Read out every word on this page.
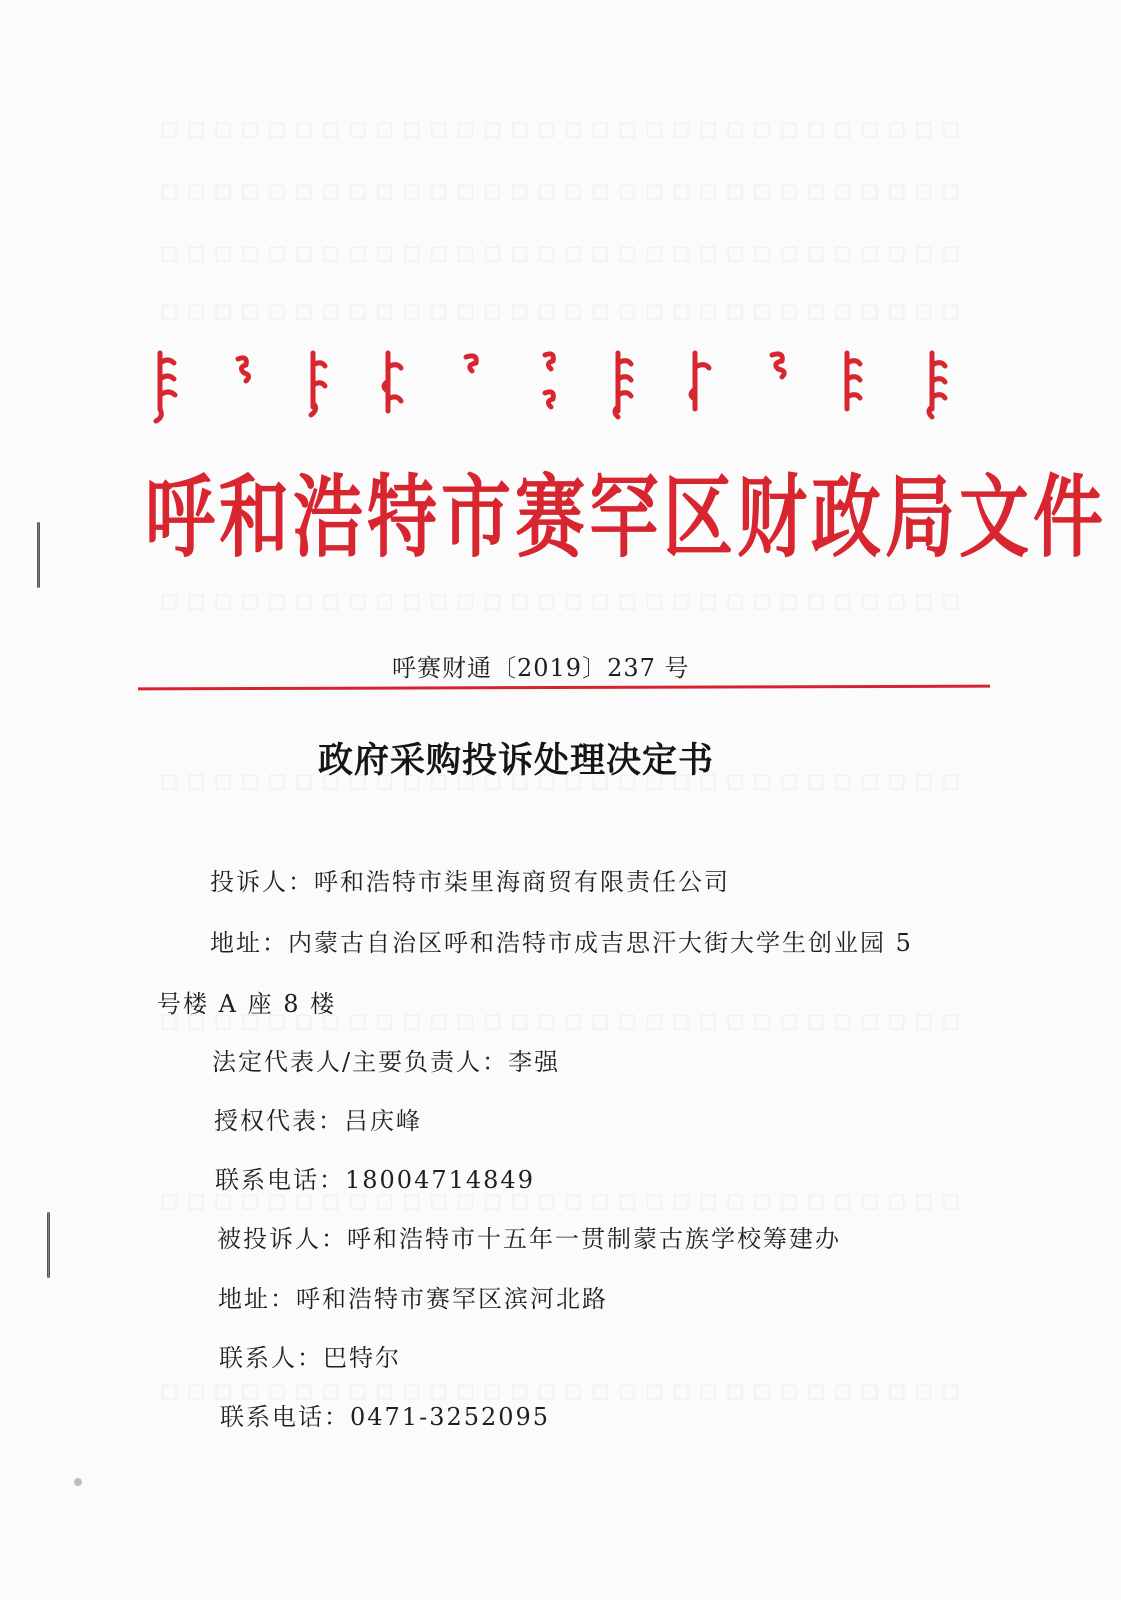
□□□□□□□□□□□□□□□□□□□□□□□□□□□□□□
□□□□□□□□□□□□□□□□□□□□□□□□□□□□□□
□□□□□□□□□□□□□□□□□□□□□□□□□□□□□□
□□□□□□□□□□□□□□□□□□□□□□□□□□□□□□
□□□□□□□□□□□□□□□□□□□□□□□□□□□□□□
□□□□□□□□□□□□□□□□□□□□□□□□□□□□□□
□□□□□□□□□□□□□□□□□□□□□□□□□□□□□□
□□□□□□□□□□□□□□□□□□□□□□□□□□□□□□
□□□□□□□□□□□□□□□□□□□□□□□□□□□□□□
呼和浩特市赛罕区财政局文件
呼赛财通〔2019〕237 号
政府采购投诉处理决定书
投诉人：呼和浩特市柒里海商贸有限责任公司
地址：内蒙古自治区呼和浩特市成吉思汗大街大学生创业园 5
号楼 A 座 8 楼
法定代表人/主要负责人：李强
授权代表：吕庆峰
联系电话：18004714849
被投诉人：呼和浩特市十五年一贯制蒙古族学校筹建办
地址：呼和浩特市赛罕区滨河北路
联系人：巴特尔
联系电话：0471-3252095
